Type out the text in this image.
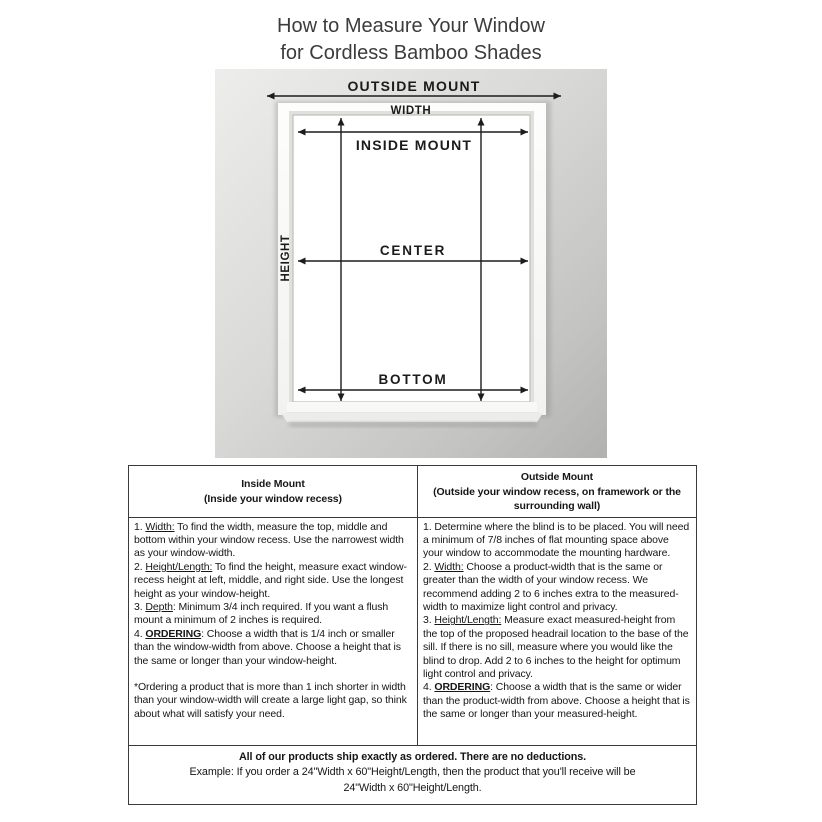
How to Measure Your Window
for Cordless Bamboo Shades
OUTSIDE MOUNT
WIDTH
INSIDE MOUNT
HEIGHT	CENTER
BOTTOM
Inside Mount
(Inside your window recess)
Outside Mount
(Outside your window recess, on framework or the surrounding wall)

1. Width: To find the width, measure the top, middle and bottom within your window recess. Use the narrowest width as your window-width.

2. Height/Length: To find the height, measure exact window-recess height at left, middle, and right side. Use the longest height as your window-height.

3. Depth: Minimum 3/4 inch required. If you want a flush mount a minimum of 2 inches is required.

4. ORDERING: Choose a width that is 1/4 inch or smaller than the window-width from above. Choose a height that is the same or longer than your window-height.

*Ordering a product that is more than 1 inch shorter in width than your window-width will create a large light gap, so think about what will satisfy your need.

1. Determine where the blind is to be placed. You will need a minimum of 7/8 inches of flat mounting space above your window to accommodate the mounting hardware.

2. Width: Choose a product-width that is the same or greater than the width of your window recess. We recommend adding 2 to 6 inches extra to the measured-width to maximize light control and privacy.

3. Height/Length: Measure exact measured-height from the top of the proposed headrail location to the base of the sill. If there is no sill, measure where you would like the blind to drop. Add 2 to 6 inches to the height for optimum light control and privacy.

4. ORDERING: Choose a width that is the same or wider than the product-width from above. Choose a height that is the same or longer than your measured-height.

All of our products ship exactly as ordered. There are no deductions.
Example: If you order a 24"Width x 60"Height/Length, then the product that you'll receive will be
24"Width x 60"Height/Length.
